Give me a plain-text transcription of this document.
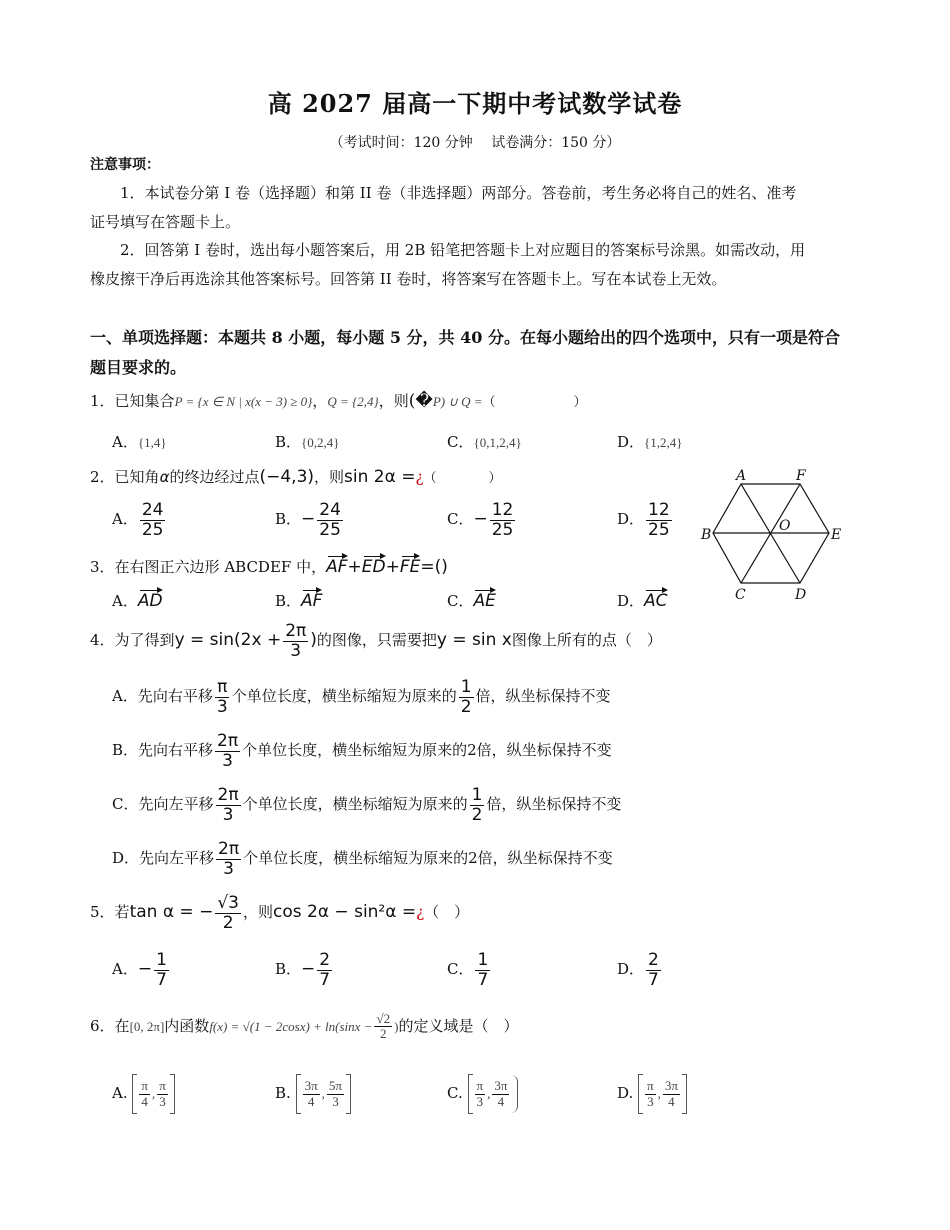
高 2027 届高一下期中考试数学试卷
（考试时间：120 分钟　 试卷满分：150 分）
注意事项：
1．本试卷分第 I 卷（选择题）和第 II 卷（非选择题）两部分。答卷前，考生务必将自己的姓名、准考
证号填写在答题卡上。
2．回答第 I 卷时，选出每小题答案后，用 2B 铅笔把答题卡上对应题目的答案标号涂黑。如需改动，用
橡皮擦干净后再选涂其他答案标号。回答第 II 卷时，将答案写在答题卡上。写在本试卷上无效。
一、单项选择题：本题共 8 小题，每小题 5 分，共 40 分。在每小题给出的四个选项中，只有一项是符合
题目要求的。
1．已知集合P = {x ∈ N | x(x − 3) ≥ 0}，Q = {2,4}，则(�P) ∪ Q =（　　　　　　）
A．{1,4}	B．{0,2,4}	C．{0,1,2,4}	D．{1,2,4}
2．已知角α的终边经过点(−4,3)，则sin 2α =¿（　　　　）
A． $\frac{24}{25}$	B．− $\frac{24}{25}$	C．− $\frac{12}{25}$	D． $\frac{12}{25}$
A	F
B
O
E
C	D
3．在右图正六边形 ABCDEF 中，AF+ED+FE=()
A．AD	B．AF	C．AE	D．AC
4．为了得到$y = \sin(2x + \frac{2\pi}{3}$ )的图像，只需要把y = sin x图像上所有的点（　）
A．先向右平移 $\frac{\pi}{3}$ 个单位长度，横坐标缩短为原来的 $\frac{1}{2}$ 倍，纵坐标保持不变
B．先向右平移 $\frac{2\pi}{3}$ 个单位长度，横坐标缩短为原来的2倍，纵坐标保持不变
C．先向左平移 $\frac{2\pi}{3}$ 个单位长度，横坐标缩短为原来的 $\frac{1}{2}$ 倍，纵坐标保持不变
D．先向左平移 $\frac{2\pi}{3}$ 个单位长度，横坐标缩短为原来的2倍，纵坐标保持不变
5．若tan α = − $\frac{√3}{2}$ ，则cos 2α − sin²α =¿（　）
A．− $\frac{1}{7}$	B．− $\frac{2}{7}$	C． $\frac{1}{7}$	D． $\frac{2}{7}$
6．在[0, 2π]内函数$f(x) = √(1 - 2\cos x) + \ln(\sin x - \frac{√2}{2}$ )的定义域是（　）
A. $\frac{\pi}{4}$ , $\frac{\pi}{3}$	B. $\frac{3\pi}{4}$ , $\frac{5\pi}{3}$	C. $\frac{\pi}{3}$ , $\frac{3\pi}{4}$	D. $\frac{\pi}{3}$ , $\frac{3\pi}{4}$
